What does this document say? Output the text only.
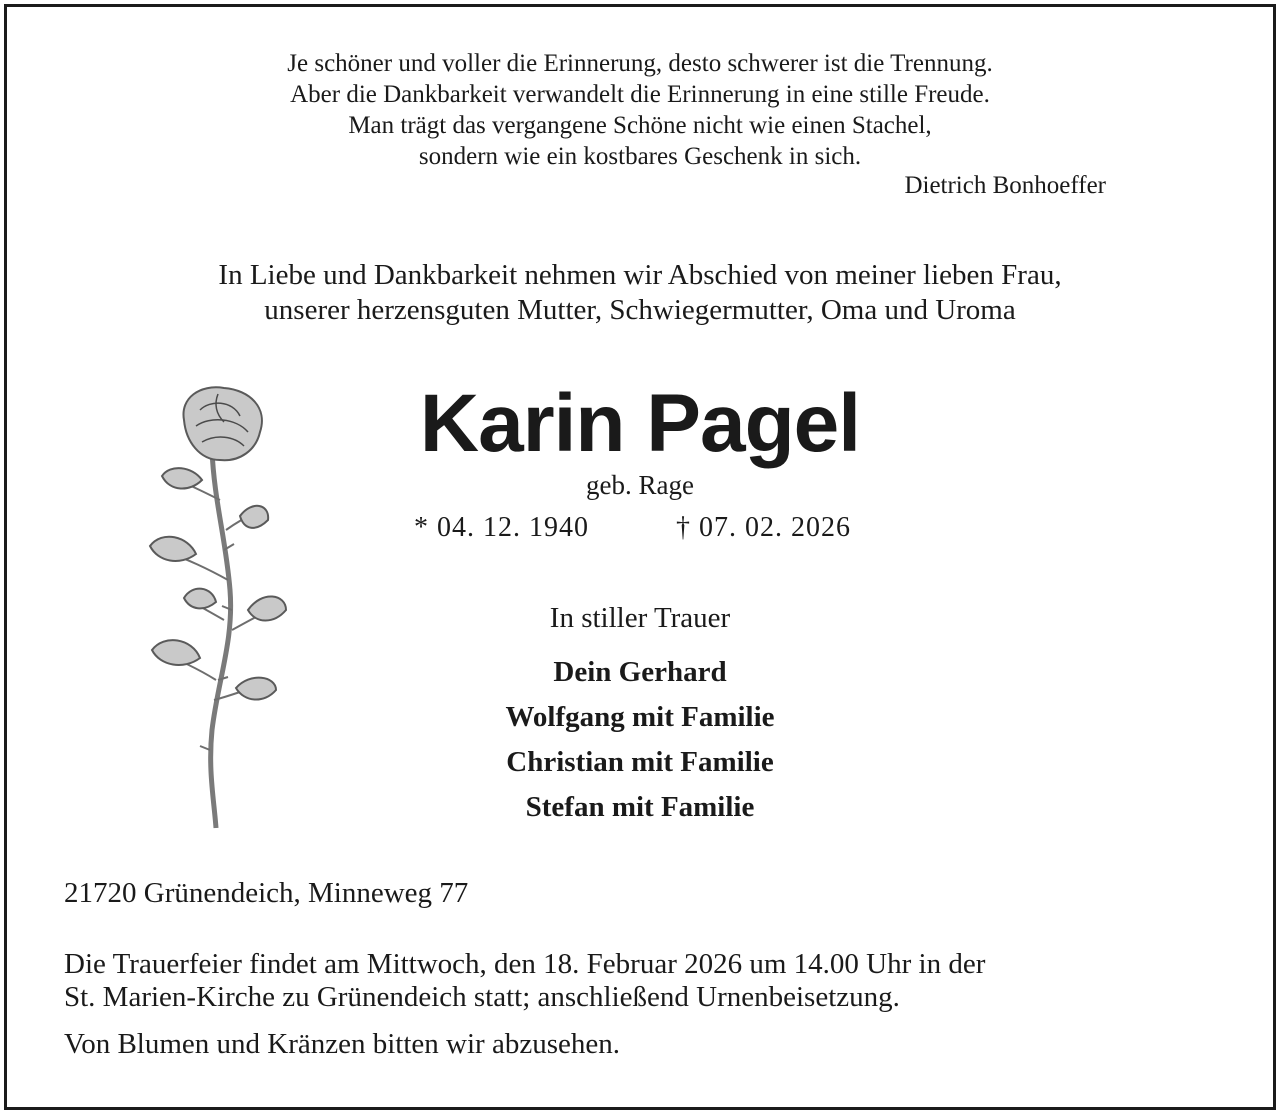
Je schöner und voller die Erinnerung, desto schwerer ist die Trennung.
Aber die Dankbarkeit verwandelt die Erinnerung in eine stille Freude.
Man trägt das vergangene Schöne nicht wie einen Stachel,
sondern wie ein kostbares Geschenk in sich.
Dietrich Bonhoeffer
In Liebe und Dankbarkeit nehmen wir Abschied von meiner lieben Frau,
unserer herzensguten Mutter, Schwiegermutter, Oma und Uroma
Karin Pagel
geb. Rage
* 04. 12. 1940	† 07. 02. 2026
In stiller Trauer
Dein Gerhard
Wolfgang mit Familie
Christian mit Familie
Stefan mit Familie
21720 Grünendeich, Minneweg 77
Die Trauerfeier findet am Mittwoch, den 18. Februar 2026 um 14.00 Uhr in der
St. Marien-Kirche zu Grünendeich statt; anschließend Urnenbeisetzung.
Von Blumen und Kränzen bitten wir abzusehen.
